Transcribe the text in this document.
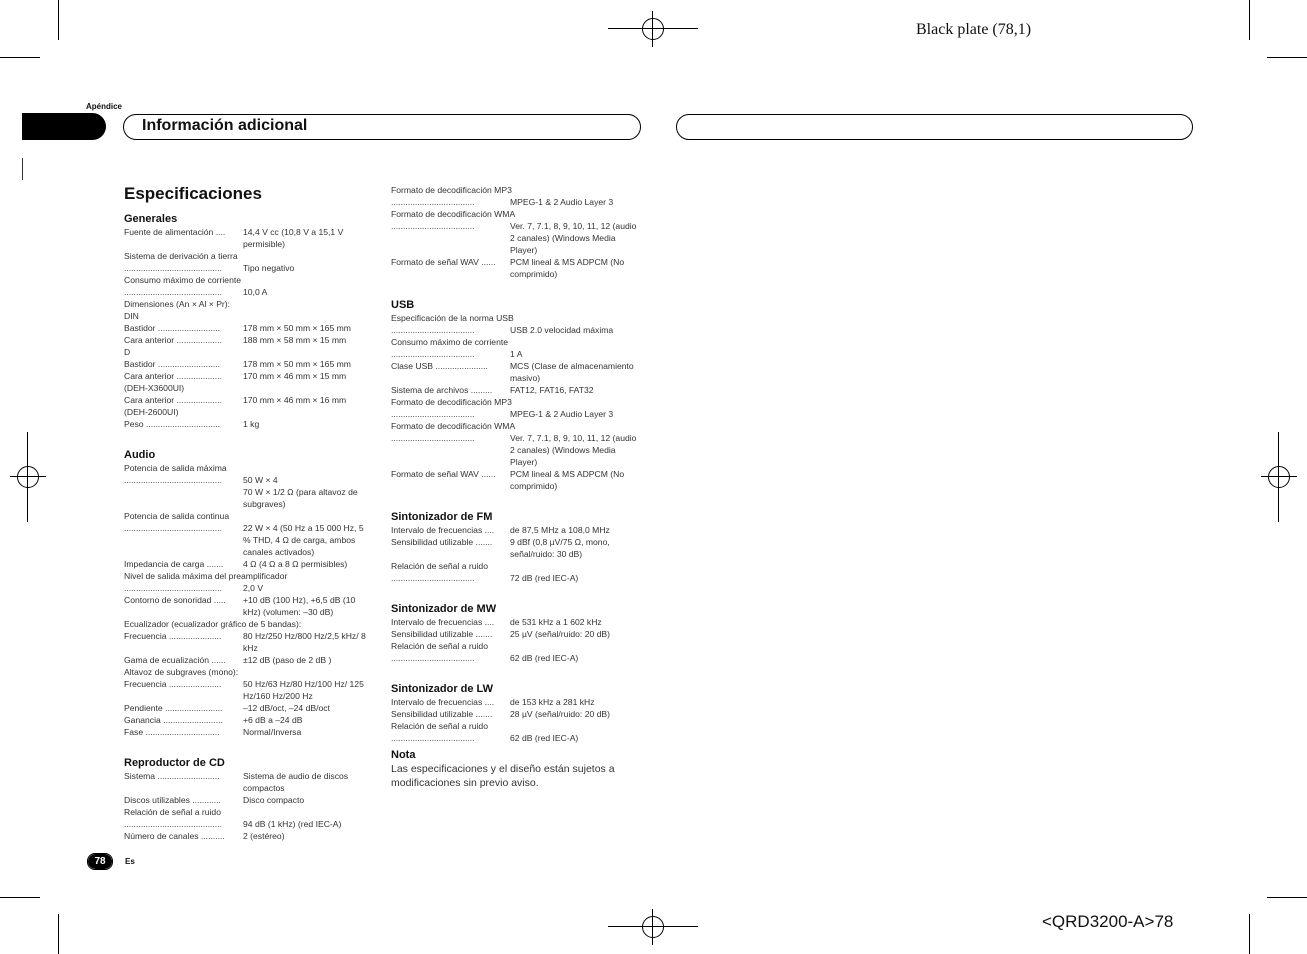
Black plate (78,1)
Apéndice
Información adicional
Especificaciones
Generales
Fuente de alimentación ....	14,4 V cc (10,8 V a 15,1 V permisible)
Sistema de derivación a tierra
.........................................	Tipo negativo
Consumo máximo de corriente
.........................................	10,0 A
Dimensiones (An × Al × Pr):
DIN
Bastidor ..........................	178 mm × 50 mm × 165 mm
Cara anterior ...................	188 mm × 58 mm × 15 mm
D
Bastidor ..........................	178 mm × 50 mm × 165 mm
Cara anterior ...................	170 mm × 46 mm × 15 mm
(DEH-X3600UI)
Cara anterior ...................	170 mm × 46 mm × 16 mm
(DEH-2600UI)
Peso ...............................	1 kg
Audio
Potencia de salida máxima
.........................................	50 W × 4
70 W × 1/2 Ω (para altavoz de subgraves)
Potencia de salida continua
.........................................	22 W × 4 (50 Hz a 15 000 Hz, 5 % THD, 4 Ω de carga, ambos canales activados)
Impedancia de carga .......	4 Ω (4 Ω a 8 Ω permisibles)
Nivel de salida máxima del preamplificador
.........................................	2,0 V
Contorno de sonoridad .....	+10 dB (100 Hz), +6,5 dB (10 kHz) (volumen: –30 dB)
Ecualizador (ecualizador gráfico de 5 bandas):
Frecuencia ......................	80 Hz/250 Hz/800 Hz/2,5 kHz/ 8 kHz
Gama de ecualización ......	±12 dB (paso de 2 dB )
Altavoz de subgraves (mono):
Frecuencia ......................	50 Hz/63 Hz/80 Hz/100 Hz/ 125 Hz/160 Hz/200 Hz
Pendiente ........................	–12 dB/oct, –24 dB/oct
Ganancia .........................	+6 dB a –24 dB
Fase ...............................	Normal/Inversa
Reproductor de CD
Sistema ..........................	Sistema de audio de discos compactos
Discos utilizables ............	Disco compacto
Relación de señal a ruido
.........................................	94 dB (1 kHz) (red IEC-A)
Número de canales ..........	2 (estéreo)
Formato de decodificación MP3
...................................	MPEG-1 & 2 Audio Layer 3
Formato de decodificación WMA
...................................	Ver. 7, 7.1, 8, 9, 10, 11, 12 (audio 2 canales) (Windows Media Player)
Formato de señal WAV ......	PCM lineal & MS ADPCM (No comprimido)
USB
Especificación de la norma USB
...................................	USB 2.0 velocidad máxima
Consumo máximo de corriente
...................................	1 A
Clase USB ......................	MCS (Clase de almacenamiento masivo)
Sistema de archivos .........	FAT12, FAT16, FAT32
Formato de decodificación MP3
...................................	MPEG-1 & 2 Audio Layer 3
Formato de decodificación WMA
...................................	Ver. 7, 7.1, 8, 9, 10, 11, 12 (audio 2 canales) (Windows Media Player)
Formato de señal WAV ......	PCM lineal & MS ADPCM (No comprimido)
Sintonizador de FM
Intervalo de frecuencias ....	de 87,5 MHz a 108,0 MHz
Sensibilidad utilizable .......	9 dBf (0,8 µV/75 Ω, mono, señal/ruido: 30 dB)
Relación de señal a ruido
...................................	72 dB (red IEC-A)
Sintonizador de MW
Intervalo de frecuencias ....	de 531 kHz a 1 602 kHz
Sensibilidad utilizable .......	25 µV (señal/ruido: 20 dB)
Relación de señal a ruido
...................................	62 dB (red IEC-A)
Sintonizador de LW
Intervalo de frecuencias ....	de 153 kHz a 281 kHz
Sensibilidad utilizable .......	28 µV (señal/ruido: 20 dB)
Relación de señal a ruido
...................................	62 dB (red IEC-A)
Nota
Las especificaciones y el diseño están sujetos a modificaciones sin previo aviso.
78	Es
<QRD3200-A>78
